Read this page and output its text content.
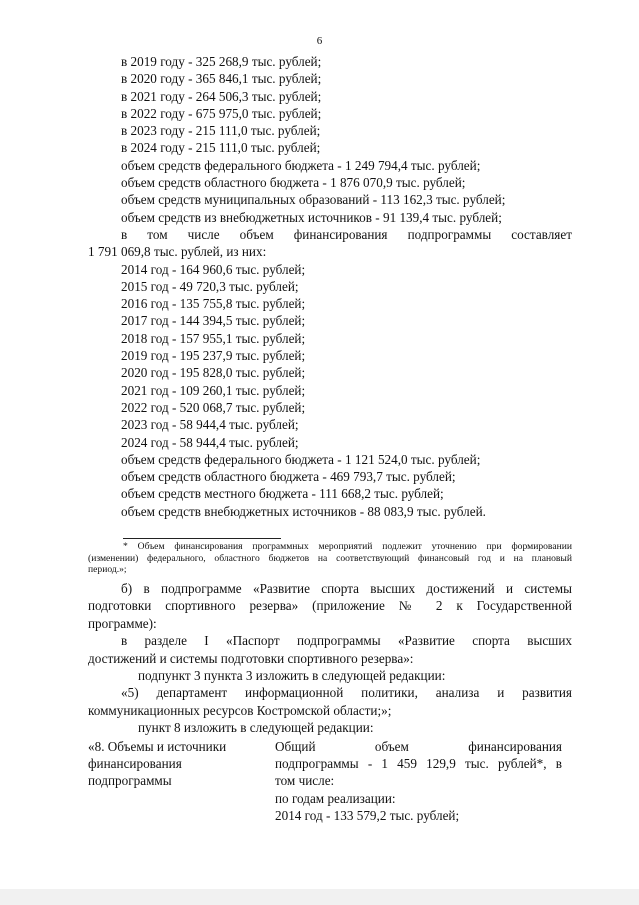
6

в 2019 году - 325 268,9 тыс. рублей;

в 2020 году - 365 846,1 тыс. рублей;

в 2021 году - 264 506,3 тыс. рублей;

в 2022 году - 675 975,0 тыс. рублей;

в 2023 году - 215 111,0 тыс. рублей;

в 2024 году - 215 111,0 тыс. рублей;

объем средств федерального бюджета - 1 249 794,4 тыс. рублей;

объем средств областного бюджета - 1 876 070,9 тыс. рублей;

объем средств муниципальных образований - 113 162,3 тыс. рублей;

объем средств из внебюджетных источников - 91 139,4 тыс. рублей;

в том числе объем финансирования подпрограммы составляет

1 791 069,8 тыс. рублей, из них:

2014 год - 164 960,6 тыс. рублей;

2015 год - 49 720,3 тыс. рублей;

2016 год - 135 755,8 тыс. рублей;

2017 год - 144 394,5 тыс. рублей;

2018 год - 157 955,1 тыс. рублей;

2019 год - 195 237,9 тыс. рублей;

2020 год - 195 828,0 тыс. рублей;

2021 год - 109 260,1 тыс. рублей;

2022 год - 520 068,7 тыс. рублей;

2023 год - 58 944,4 тыс. рублей;

2024 год - 58 944,4 тыс. рублей;

объем средств федерального бюджета - 1 121 524,0 тыс. рублей;

объем средств областного бюджета - 469 793,7 тыс. рублей;

объем средств местного бюджета - 111 668,2 тыс. рублей;

объем средств внебюджетных источников - 88 083,9 тыс. рублей.

* Объем финансирования программных мероприятий подлежит уточнению при формировании

(изменении) федерального, областного бюджетов на соответствующий финансовый год и на плановый

период.»;

б) в подпрограмме «Развитие спорта высших достижений и системы

подготовки спортивного резерва» (приложение № 2 к Государственной

программе):

в разделе I «Паспорт подпрограммы «Развитие спорта высших

достижений и системы подготовки спортивного резерва»:

подпункт 3 пункта 3 изложить в следующей редакции:

«5) департамент информационной политики, анализа и развития

коммуникационных ресурсов Костромской области;»;

пункт 8 изложить в следующей редакции:

«8. Объемы и источники

финансирования

подпрограммы

Общий объем финансирования

подпрограммы - 1 459 129,9 тыс. рублей*, в

том числе:

по годам реализации:

2014 год - 133 579,2 тыс. рублей;
